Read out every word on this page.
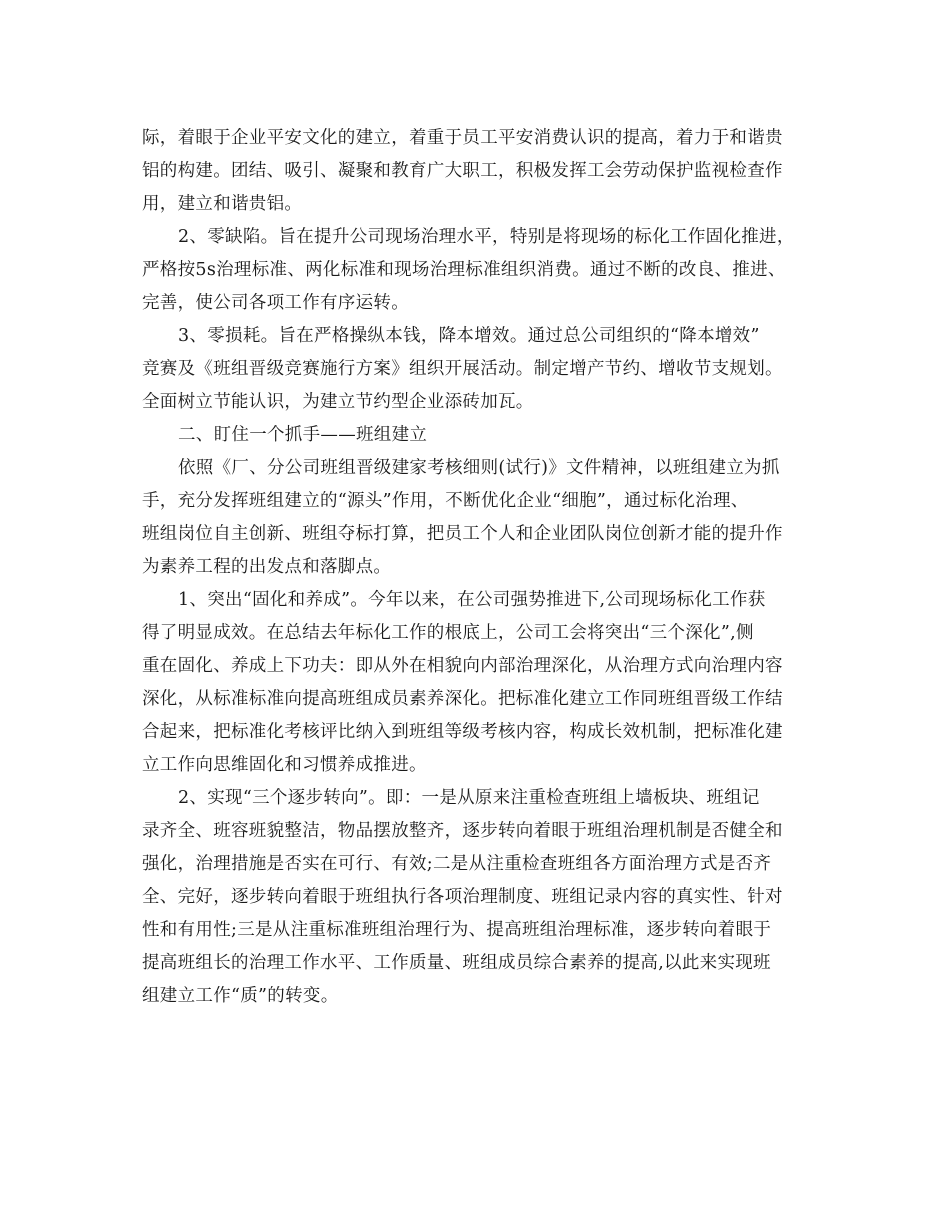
际，着眼于企业平安文化的建立，着重于员工平安消费认识的提高，着力于和谐贵

铝的构建。团结、吸引、凝聚和教育广大职工，积极发挥工会劳动保护监视检查作

用，建立和谐贵铝。

2、零缺陷。旨在提升公司现场治理水平，特别是将现场的标化工作固化推进，

严格按5s治理标准、两化标准和现场治理标准组织消费。通过不断的改良、推进、

完善，使公司各项工作有序运转。

3、零损耗。旨在严格操纵本钱，降本增效。通过总公司组织的“降本增效”

竞赛及《班组晋级竞赛施行方案》组织开展活动。制定增产节约、增收节支规划。

全面树立节能认识，为建立节约型企业添砖加瓦。

二、盯住一个抓手——班组建立

依照《厂、分公司班组晋级建家考核细则(试行)》文件精神，以班组建立为抓

手，充分发挥班组建立的“源头”作用，不断优化企业“细胞”，通过标化治理、

班组岗位自主创新、班组夺标打算，把员工个人和企业团队岗位创新才能的提升作

为素养工程的出发点和落脚点。

1、突出“固化和养成”。今年以来，在公司强势推进下,公司现场标化工作获

得了明显成效。在总结去年标化工作的根底上，公司工会将突出“三个深化”,侧

重在固化、养成上下功夫：即从外在相貌向内部治理深化，从治理方式向治理内容

深化，从标准标准向提高班组成员素养深化。把标准化建立工作同班组晋级工作结

合起来，把标准化考核评比纳入到班组等级考核内容，构成长效机制，把标准化建

立工作向思维固化和习惯养成推进。

2、实现“三个逐步转向”。即：一是从原来注重检查班组上墙板块、班组记

录齐全、班容班貌整洁，物品摆放整齐，逐步转向着眼于班组治理机制是否健全和

强化，治理措施是否实在可行、有效;二是从注重检查班组各方面治理方式是否齐

全、完好，逐步转向着眼于班组执行各项治理制度、班组记录内容的真实性、针对

性和有用性;三是从注重标准班组治理行为、提高班组治理标准，逐步转向着眼于

提高班组长的治理工作水平、工作质量、班组成员综合素养的提高,以此来实现班

组建立工作“质”的转变。
